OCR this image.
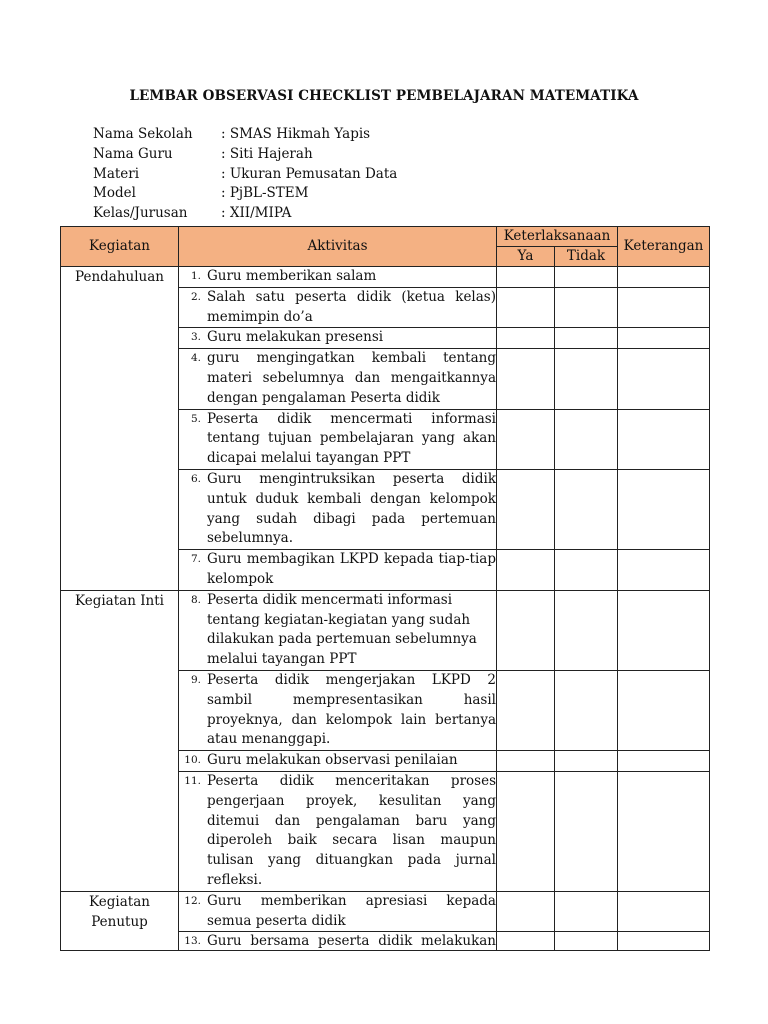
LEMBAR OBSERVASI CHECKLIST PEMBELAJARAN MATEMATIKA
Nama Sekolah	: SMAS Hikmah Yapis
Nama Guru	: Siti Hajerah
Materi	: Ukuran Pemusatan Data
Model	: PjBL-STEM
Kelas/Jurusan	: XII/MIPA
Kegiatan	Aktivitas	Keterlaksanaan		Keterangan
		Ya	Tidak	
Pendahuluan	1. Guru memberikan salam			

	2. Salah satu peserta didik (ketua kelas) memimpin do’a			

	3. Guru melakukan presensi			

	4. guru mengingatkan kembali tentang materi sebelumnya dan mengaitkannya dengan pengalaman Peserta didik			

	5. Peserta didik mencermati informasi tentang tujuan pembelajaran yang akan dicapai melalui tayangan PPT			

	6. Guru mengintruksikan peserta didik untuk duduk kembali dengan kelompok yang sudah dibagi pada pertemuan sebelumnya.			

	7. Guru membagikan LKPD kepada tiap-tiap kelompok			

Kegiatan Inti	8. Peserta didik mencermati informasi tentang kegiatan-kegiatan yang sudah dilakukan pada pertemuan sebelumnya melalui tayangan PPT			

	9. Peserta didik mengerjakan LKPD 2 sambil mempresentasikan hasil proyeknya, dan kelompok lain bertanya atau menanggapi.			

	10. Guru melakukan observasi penilaian			

	11. Peserta didik menceritakan proses pengerjaan proyek, kesulitan yang ditemui dan pengalaman baru yang diperoleh baik secara lisan maupun tulisan yang dituangkan pada jurnal refleksi.			

Kegiatan Penutup	12. Guru memberikan apresiasi kepada semua peserta didik			

	13. Guru bersama peserta didik melakukan			
